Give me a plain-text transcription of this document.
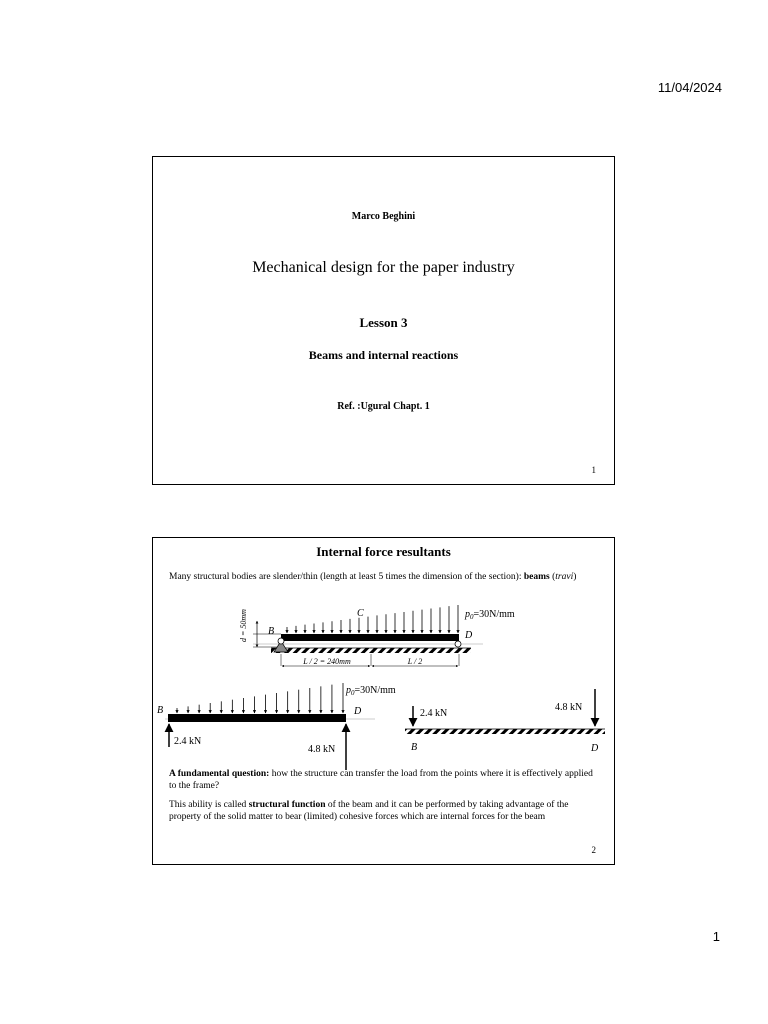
11/04/2024
Marco Beghini
Mechanical design for the paper industry
Lesson 3
Beams and internal reactions
Ref. :Ugural Chapt. 1
1
Internal force resultants
Many structural bodies are slender/thin (length at least 5 times the dimension of the section): beams (travi)
d = 50mm B
C
D
$p_0=30N/mm$
L / 2 = 240mm	L / 2
B	D
$p_0=30N/mm$
2.4 kN
4.8 kN
2.4 kN
4.8 kN
B	D
A fundamental question: how the structure can transfer the load from the points where it is effectively applied to the frame?
This ability is called structural function of the beam and it can be performed by taking advantage of the property of the solid matter to bear (limited) cohesive forces which are internal forces for the beam
2
1
